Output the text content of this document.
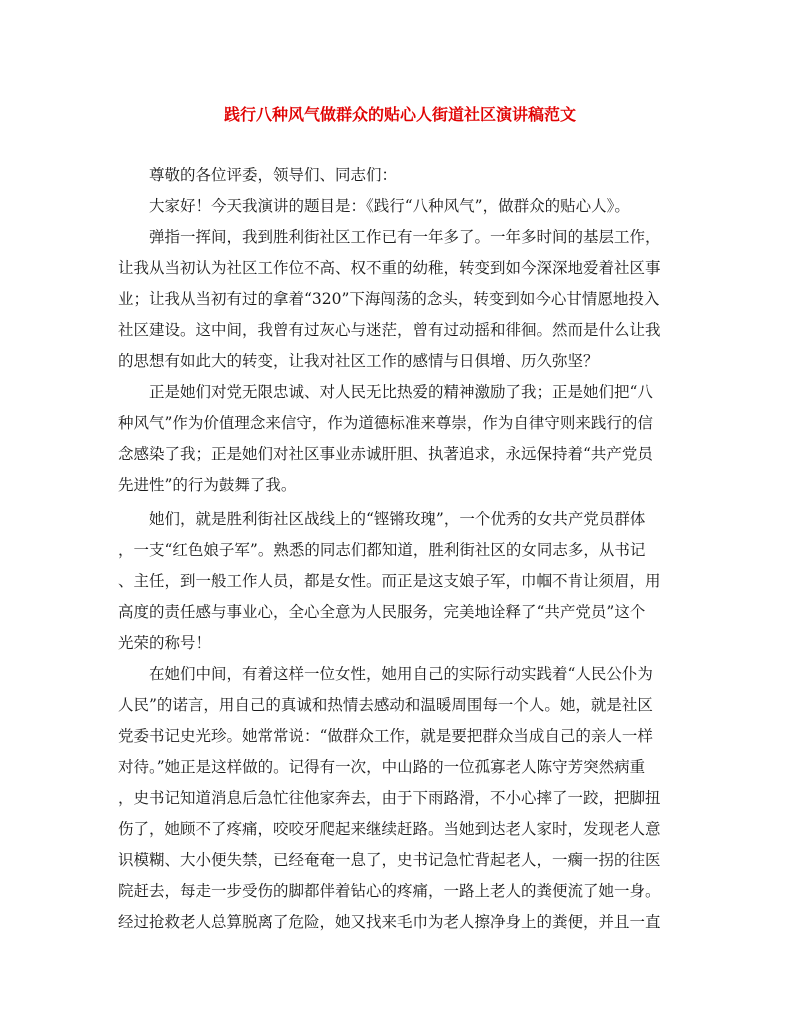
践行八种风气做群众的贴心人街道社区演讲稿范文
尊敬的各位评委，领导们、同志们：
大家好！今天我演讲的题目是：《践行“八种风气”，做群众的贴心人》。
弹指一挥间，我到胜利街社区工作已有一年多了。一年多时间的基层工作，
让我从当初认为社区工作位不高、权不重的幼稚，转变到如今深深地爱着社区事
业；让我从当初有过的拿着“320”下海闯荡的念头，转变到如今心甘情愿地投入
社区建设。这中间，我曾有过灰心与迷茫，曾有过动摇和徘徊。然而是什么让我
的思想有如此大的转变，让我对社区工作的感情与日俱增、历久弥坚？
正是她们对党无限忠诚、对人民无比热爱的精神激励了我；正是她们把“八
种风气”作为价值理念来信守，作为道德标准来尊崇，作为自律守则来践行的信
念感染了我；正是她们对社区事业赤诚肝胆、执著追求，永远保持着“共产党员
先进性”的行为鼓舞了我。
她们，就是胜利街社区战线上的“铿锵玫瑰”，一个优秀的女共产党员群体
，一支“红色娘子军”。熟悉的同志们都知道，胜利街社区的女同志多，从书记
、主任，到一般工作人员，都是女性。而正是这支娘子军，巾帼不肯让须眉，用
高度的责任感与事业心，全心全意为人民服务，完美地诠释了“共产党员”这个
光荣的称号！
在她们中间，有着这样一位女性，她用自己的实际行动实践着“人民公仆为
人民”的诺言，用自己的真诚和热情去感动和温暖周围每一个人。她，就是社区
党委书记史光珍。她常常说：“做群众工作，就是要把群众当成自己的亲人一样
对待。”她正是这样做的。记得有一次，中山路的一位孤寡老人陈守芳突然病重
，史书记知道消息后急忙往他家奔去，由于下雨路滑，不小心摔了一跤，把脚扭
伤了，她顾不了疼痛，咬咬牙爬起来继续赶路。当她到达老人家时，发现老人意
识模糊、大小便失禁，已经奄奄一息了，史书记急忙背起老人，一瘸一拐的往医
院赶去，每走一步受伤的脚都伴着钻心的疼痛，一路上老人的粪便流了她一身。
经过抢救老人总算脱离了危险，她又找来毛巾为老人擦净身上的粪便，并且一直
